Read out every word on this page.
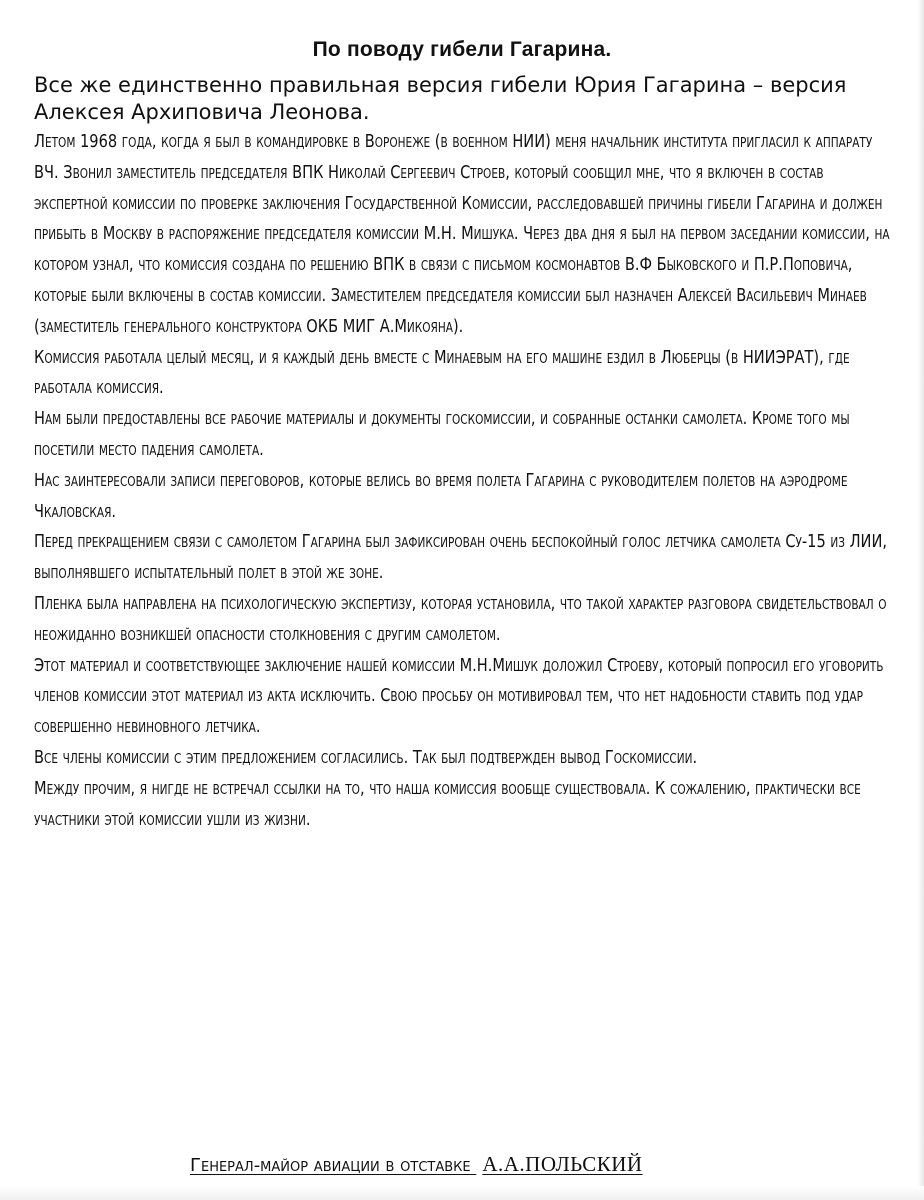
По поводу гибели Гагарина.
Все же единственно правильная версия гибели Юрия Гагарина – версия Алексея Архиповича Леонова.

Летом 1968 года, когда я был в командировке в Воронеже (в военном НИИ) меня начальник института пригласил к аппарату ВЧ. Звонил заместитель председателя ВПК Николай Сергеевич Строев, который сообщил мне, что я включен в состав экспертной комиссии по проверке заключения Государственной Комиссии, расследовавшей причины гибели Гагарина и должен прибыть в Москву в распоряжение председателя комиссии М.Н. Мишука. Через два дня я был на первом заседании комиссии, на котором узнал, что комиссия создана по решению ВПК в связи с письмом космонавтов В.Ф Быковского и П.Р.Поповича, которые были включены в состав комиссии. Заместителем председателя комиссии был назначен Алексей Васильевич Минаев (заместитель генерального конструктора ОКБ МИГ А.Микояна).

Комиссия работала целый месяц, и я каждый день вместе с Минаевым на его машине ездил в Люберцы (в НИИЭРАТ), где работала комиссия.

Нам были предоставлены все рабочие материалы и документы госкомиссии, и собранные останки самолета. Кроме того мы посетили место падения самолета.

Нас заинтересовали записи переговоров, которые велись во время полета Гагарина с руководителем полетов на аэродроме Чкаловская.

Перед прекращением связи с самолетом Гагарина был зафиксирован очень беспокойный голос летчика самолета Су-15 из ЛИИ, выполнявшего испытательный полет в этой же зоне.

Пленка была направлена на психологическую экспертизу, которая установила, что такой характер разговора свидетельствовал о неожиданно возникшей опасности столкновения с другим самолетом.

Этот материал и соответствующее заключение нашей комиссии М.Н.Мишук доложил Строеву, который попросил его уговорить членов комиссии этот материал из акта исключить. Свою просьбу он мотивировал тем, что нет надобности ставить под удар совершенно невиновного летчика.

Все члены комиссии с этим предложением согласились. Так был подтвержден вывод Госкомиссии.

Между прочим, я нигде не встречал ссылки на то, что наша комиссия вообще существовала. К сожалению, практически все участники этой комиссии ушли из жизни.

Генерал-майор авиации в отставке А.А.ПОЛЬСКИЙ
